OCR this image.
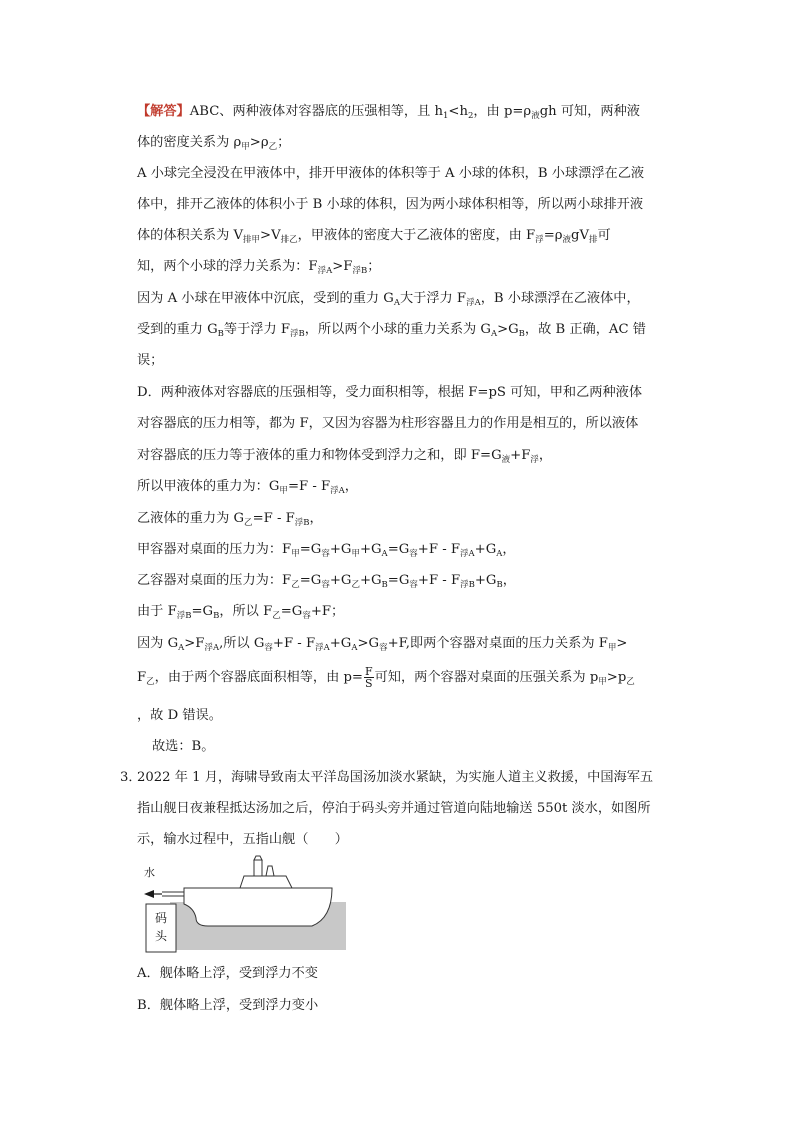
【解答】ABC、两种液体对容器底的压强相等，且 $h_1<h_2$，由 $p=\rho_液gh$ 可知，两种液
体的密度关系为 $\rho_甲>\rho_乙$；
A 小球完全浸没在甲液体中，排开甲液体的体积等于 A 小球的体积，B 小球漂浮在乙液
体中，排开乙液体的体积小于 B 小球的体积，因为两小球体积相等，所以两小球排开液
体的体积关系为 $V_{排甲}>V_{排乙}$，甲液体的密度大于乙液体的密度，由 $F_浮=\rho_液gV_排$可
知，两个小球的浮力关系为：$F_{浮A}>F_{浮B}$；
因为 A 小球在甲液体中沉底，受到的重力 $G_A$大于浮力 $F_{浮A}$，B 小球漂浮在乙液体中，
受到的重力 $G_B$等于浮力 $F_{浮B}$，所以两个小球的重力关系为 $G_A>G_B$，故 B 正确，AC 错
误；
D．两种液体对容器底的压强相等，受力面积相等，根据 F=pS 可知，甲和乙两种液体
对容器底的压力相等，都为 F，又因为容器为柱形容器且力的作用是相互的，所以液体
对容器底的压力等于液体的重力和物体受到浮力之和，即 $F=G_液+F_浮$，
所以甲液体的重力为：$G_甲=F - F_{浮A}$，
乙液体的重力为 $G_乙=F - F_{浮B}$，
甲容器对桌面的压力为：$F_甲=G_容+G_甲+G_A=G_容+F - F_{浮A}+G_A$，
乙容器对桌面的压力为：$F_乙=G_容+G_乙+G_B=G_容+F - F_{浮B}+G_B$，
由于 $F_{浮B}=G_B$，所以 $F_乙=G_容+F$；
因为 $G_A>F_{浮A}$,所以 $G_容+F - F_{浮A}+G_A>G_容+F$,即两个容器对桌面的压力关系为 $F_甲>$
$F_乙$，由于两个容器底面积相等，由 $p= \frac{F}{S}$ 可知，两个容器对桌面的压强关系为 $p_甲>p_乙$
，故 D 错误。
故选：B。
3．
2022 年 1 月，海啸导致南太平洋岛国汤加淡水紧缺，为实施人道主义救援，中国海军五
指山舰日夜兼程抵达汤加之后，停泊于码头旁并通过管道向陆地输送 550t 淡水，如图所
示，输水过程中，五指山舰（　　）
码
头
水
A．舰体略上浮，受到浮力不变
B．舰体略上浮，受到浮力变小
